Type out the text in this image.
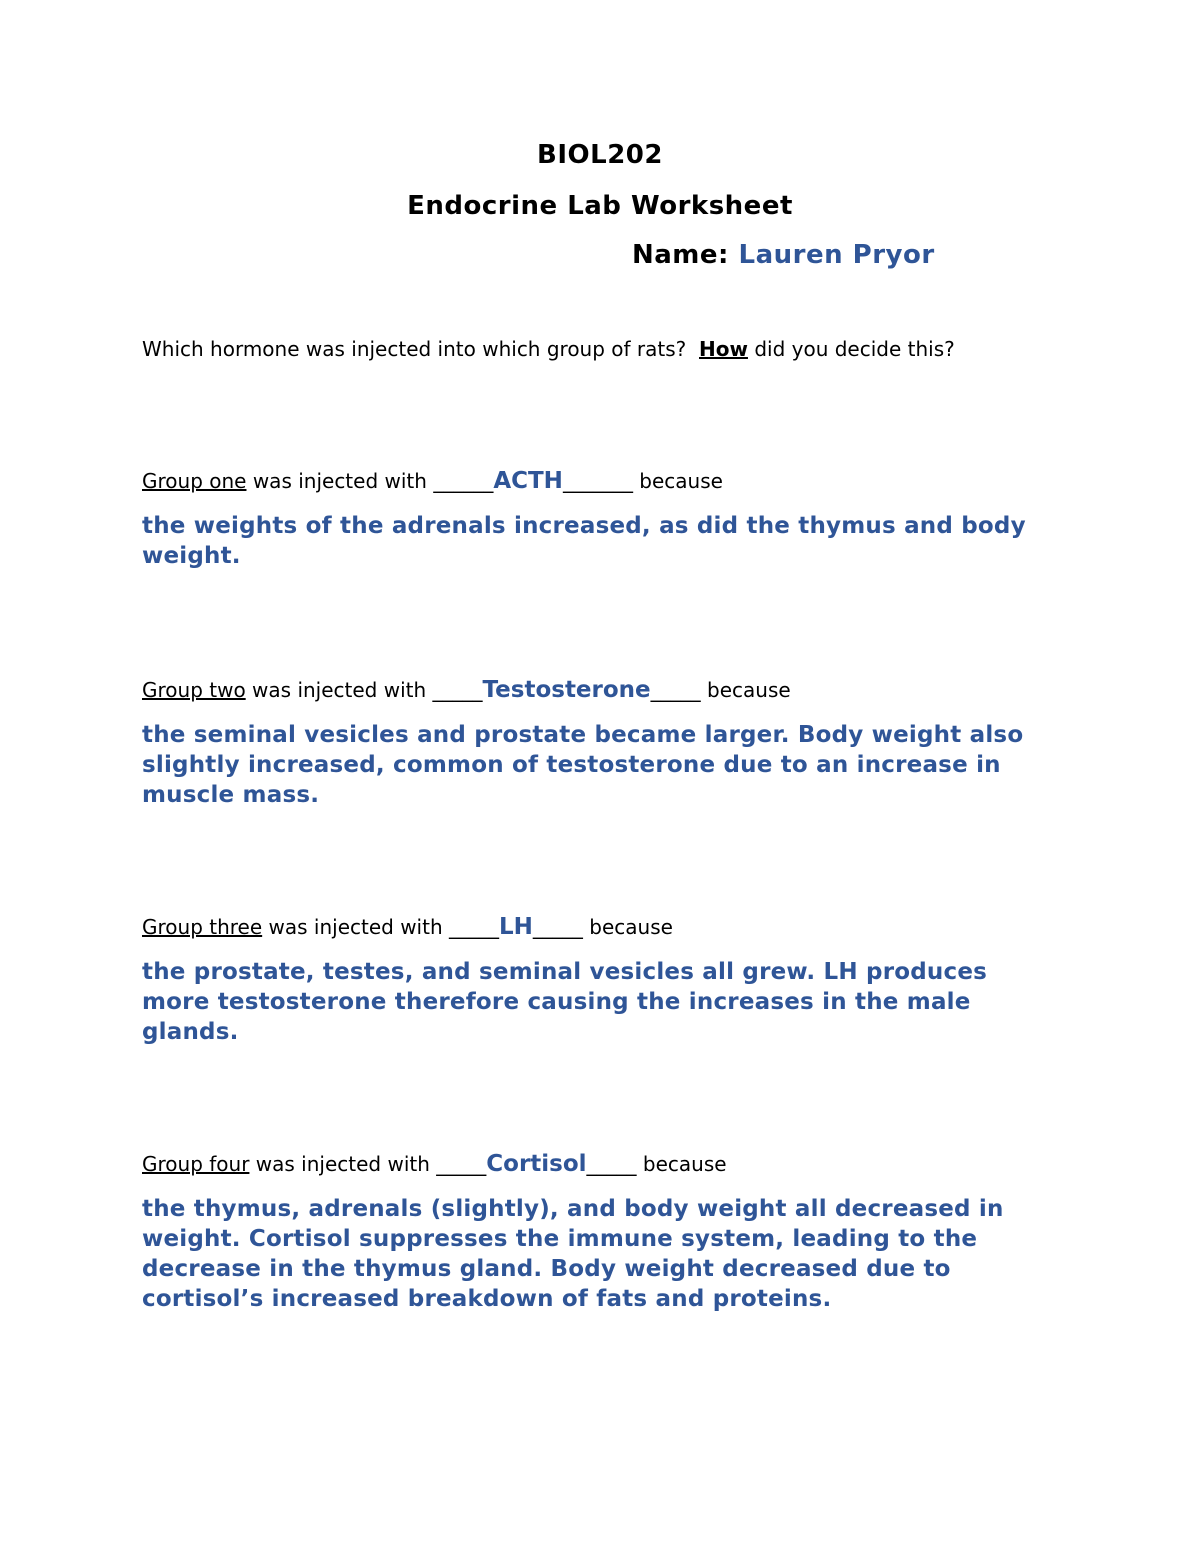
BIOL202
Endocrine Lab Worksheet
Name: Lauren Pryor
Which hormone was injected into which group of rats? How did you decide this?
Group one was injected with ______ACTH_______ because
the weights of the adrenals increased, as did the thymus and body weight.
Group two was injected with _____Testosterone_____ because
the seminal vesicles and prostate became larger. Body weight also slightly increased, common of testosterone due to an increase in muscle mass.
Group three was injected with _____LH_____ because
the prostate, testes, and seminal vesicles all grew. LH produces more testosterone therefore causing the increases in the male glands.
Group four was injected with _____Cortisol_____ because
the thymus, adrenals (slightly), and body weight all decreased in weight. Cortisol suppresses the immune system, leading to the decrease in the thymus gland. Body weight decreased due to cortisol’s increased breakdown of fats and proteins.
